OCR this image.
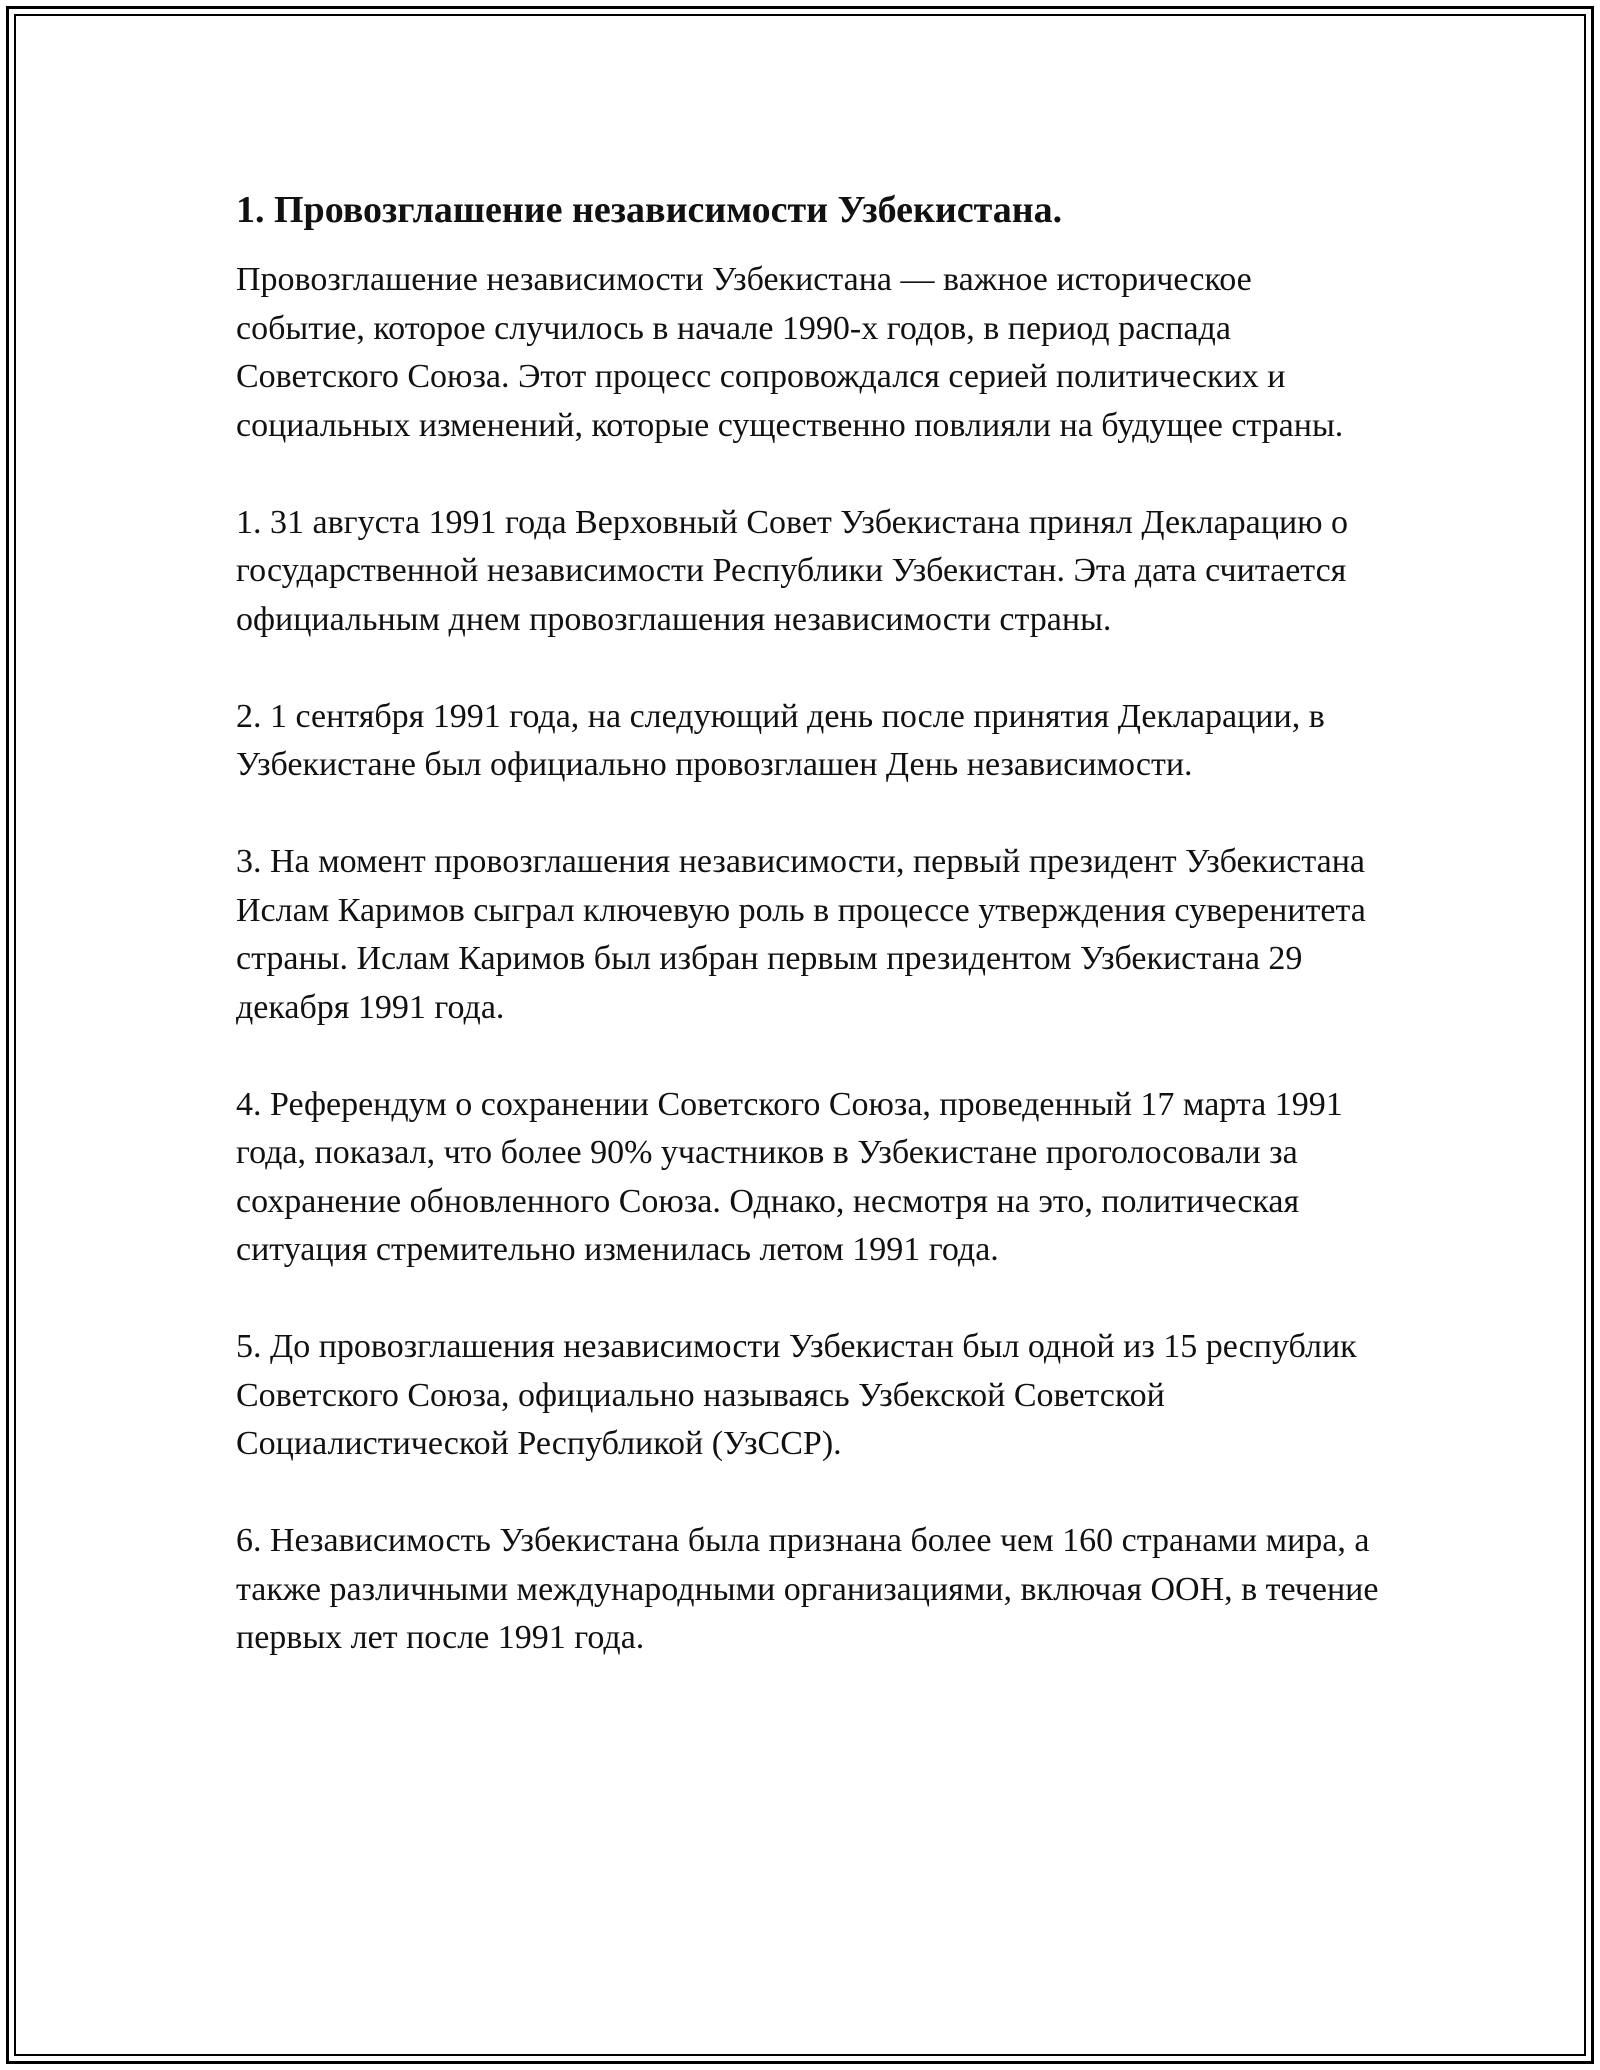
1. Провозглашение независимости Узбекистана.

Провозглашение независимости Узбекистана — важное историческое событие, которое случилось в начале 1990-х годов, в период распада Советского Союза. Этот процесс сопровождался серией политических и социальных изменений, которые существенно повлияли на будущее страны.

1. 31 августа 1991 года Верховный Совет Узбекистана принял Декларацию о государственной независимости Республики Узбекистан. Эта дата считается официальным днем провозглашения независимости страны.

2. 1 сентября 1991 года, на следующий день после принятия Декларации, в Узбекистане был официально провозглашен День независимости.

3. На момент провозглашения независимости, первый президент Узбекистана Ислам Каримов сыграл ключевую роль в процессе утверждения суверенитета страны. Ислам Каримов был избран первым президентом Узбекистана 29 декабря 1991 года.

4. Референдум о сохранении Советского Союза, проведенный 17 марта 1991 года, показал, что более 90% участников в Узбекистане проголосовали за сохранение обновленного Союза. Однако, несмотря на это, политическая ситуация стремительно изменилась летом 1991 года.

5. До провозглашения независимости Узбекистан был одной из 15 республик Советского Союза, официально называясь Узбекской Советской Социалистической Республикой (УзССР).

6. Независимость Узбекистана была признана более чем 160 странами мира, а также различными международными организациями, включая ООН, в течение первых лет после 1991 года.
